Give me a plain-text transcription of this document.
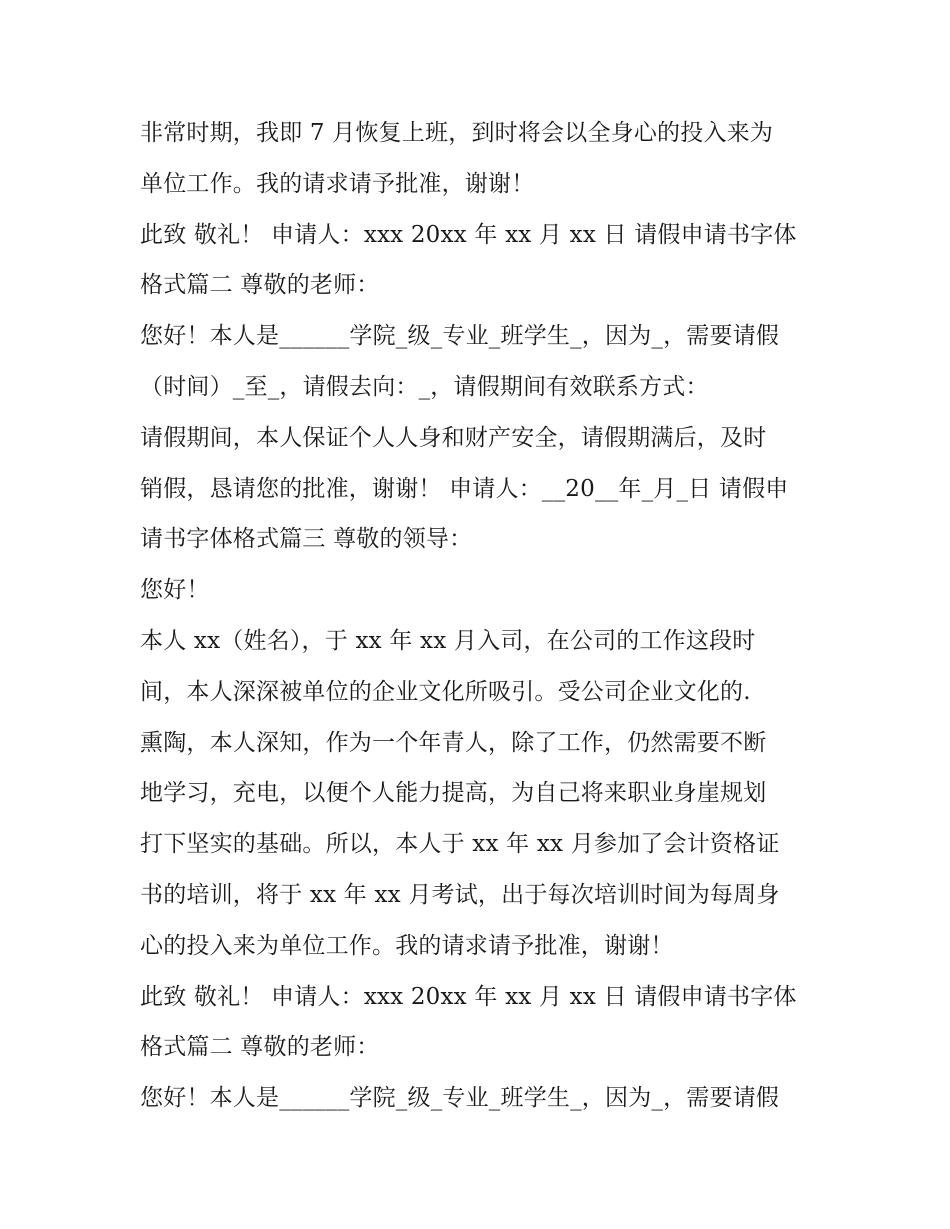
非常时期，我即 7 月恢复上班，到时将会以全身心的投入来为
单位工作。我的请求请予批准，谢谢！
此致 敬礼！ 申请人：xxx 20xx 年 xx 月 xx 日 请假申请书字体
格式篇二 尊敬的老师：
您好！本人是______学院_级_专业_班学生_，因为_，需要请假
（时间）_至_，请假去向：_，请假期间有效联系方式：
请假期间，本人保证个人人身和财产安全，请假期满后，及时
销假，恳请您的批准，谢谢！ 申请人：__20__年_月_日 请假申
请书字体格式篇三 尊敬的领导：
您好！
本人 xx（姓名），于 xx 年 xx 月入司，在公司的工作这段时
间，本人深深被单位的企业文化所吸引。受公司企业文化的.
熏陶，本人深知，作为一个年青人，除了工作，仍然需要不断
地学习，充电，以便个人能力提高，为自己将来职业身崖规划
打下坚实的基础。所以，本人于 xx 年 xx 月参加了会计资格证
书的培训，将于 xx 年 xx 月考试，出于每次培训时间为每周身
心的投入来为单位工作。我的请求请予批准，谢谢！
此致 敬礼！ 申请人：xxx 20xx 年 xx 月 xx 日 请假申请书字体
格式篇二 尊敬的老师：
您好！本人是______学院_级_专业_班学生_，因为_，需要请假
